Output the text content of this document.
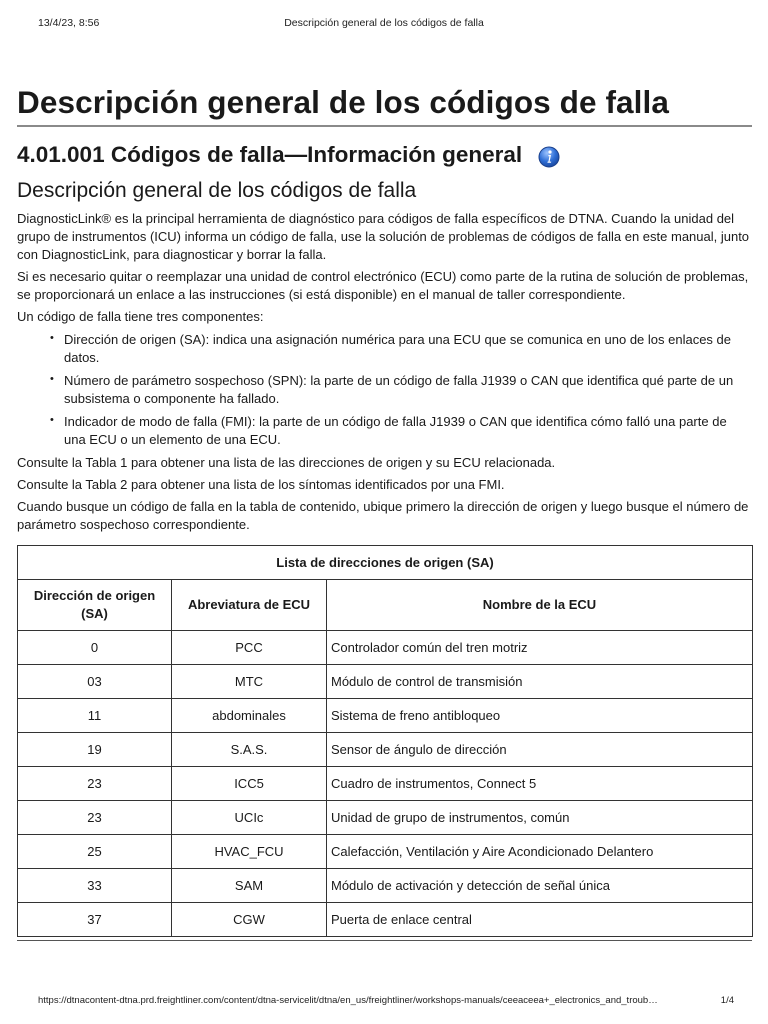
13/4/23, 8:56	Descripción general de los códigos de falla
Descripción general de los códigos de falla
4.01.001 Códigos de falla—Información general
Descripción general de los códigos de falla

DiagnosticLink® es la principal herramienta de diagnóstico para códigos de falla específicos de DTNA. Cuando la unidad del grupo de instrumentos (ICU) informa un código de falla, use la solución de problemas de códigos de falla en este manual, junto con DiagnosticLink, para diagnosticar y borrar la falla.

Si es necesario quitar o reemplazar una unidad de control electrónico (ECU) como parte de la rutina de solución de problemas, se proporcionará un enlace a las instrucciones (si está disponible) en el manual de taller correspondiente.

Un código de falla tiene tres componentes:

• Dirección de origen (SA): indica una asignación numérica para una ECU que se comunica en uno de los enlaces de datos.
• Número de parámetro sospechoso (SPN): la parte de un código de falla J1939 o CAN que identifica qué parte de un subsistema o componente ha fallado.
• Indicador de modo de falla (FMI): la parte de un código de falla J1939 o CAN que identifica cómo falló una parte de una ECU o un elemento de una ECU.

Consulte la Tabla 1 para obtener una lista de las direcciones de origen y su ECU relacionada.

Consulte la Tabla 2 para obtener una lista de los síntomas identificados por una FMI.

Cuando busque un código de falla en la tabla de contenido, ubique primero la dirección de origen y luego busque el número de parámetro sospechoso correspondiente.

Lista de direcciones de origen (SA)		
Dirección de origen (SA)	Abreviatura de ECU	Nombre de la ECU
0	PCC	Controlador común del tren motriz
03	MTC	Módulo de control de transmisión
11	abdominales	Sistema de freno antibloqueo
19	S.A.S.	Sensor de ángulo de dirección
23	ICC5	Cuadro de instrumentos, Connect 5
23	UCIc	Unidad de grupo de instrumentos, común
25	HVAC_FCU	Calefacción, Ventilación y Aire Acondicionado Delantero
33	SAM	Módulo de activación y detección de señal única
37	CGW	Puerta de enlace central
https://dtnacontent-dtna.prd.freightliner.com/content/dtna-servicelit/dtna/en_us/freightliner/workshops-manuals/ceeaceea+_electronics_and_troub…	1/4
